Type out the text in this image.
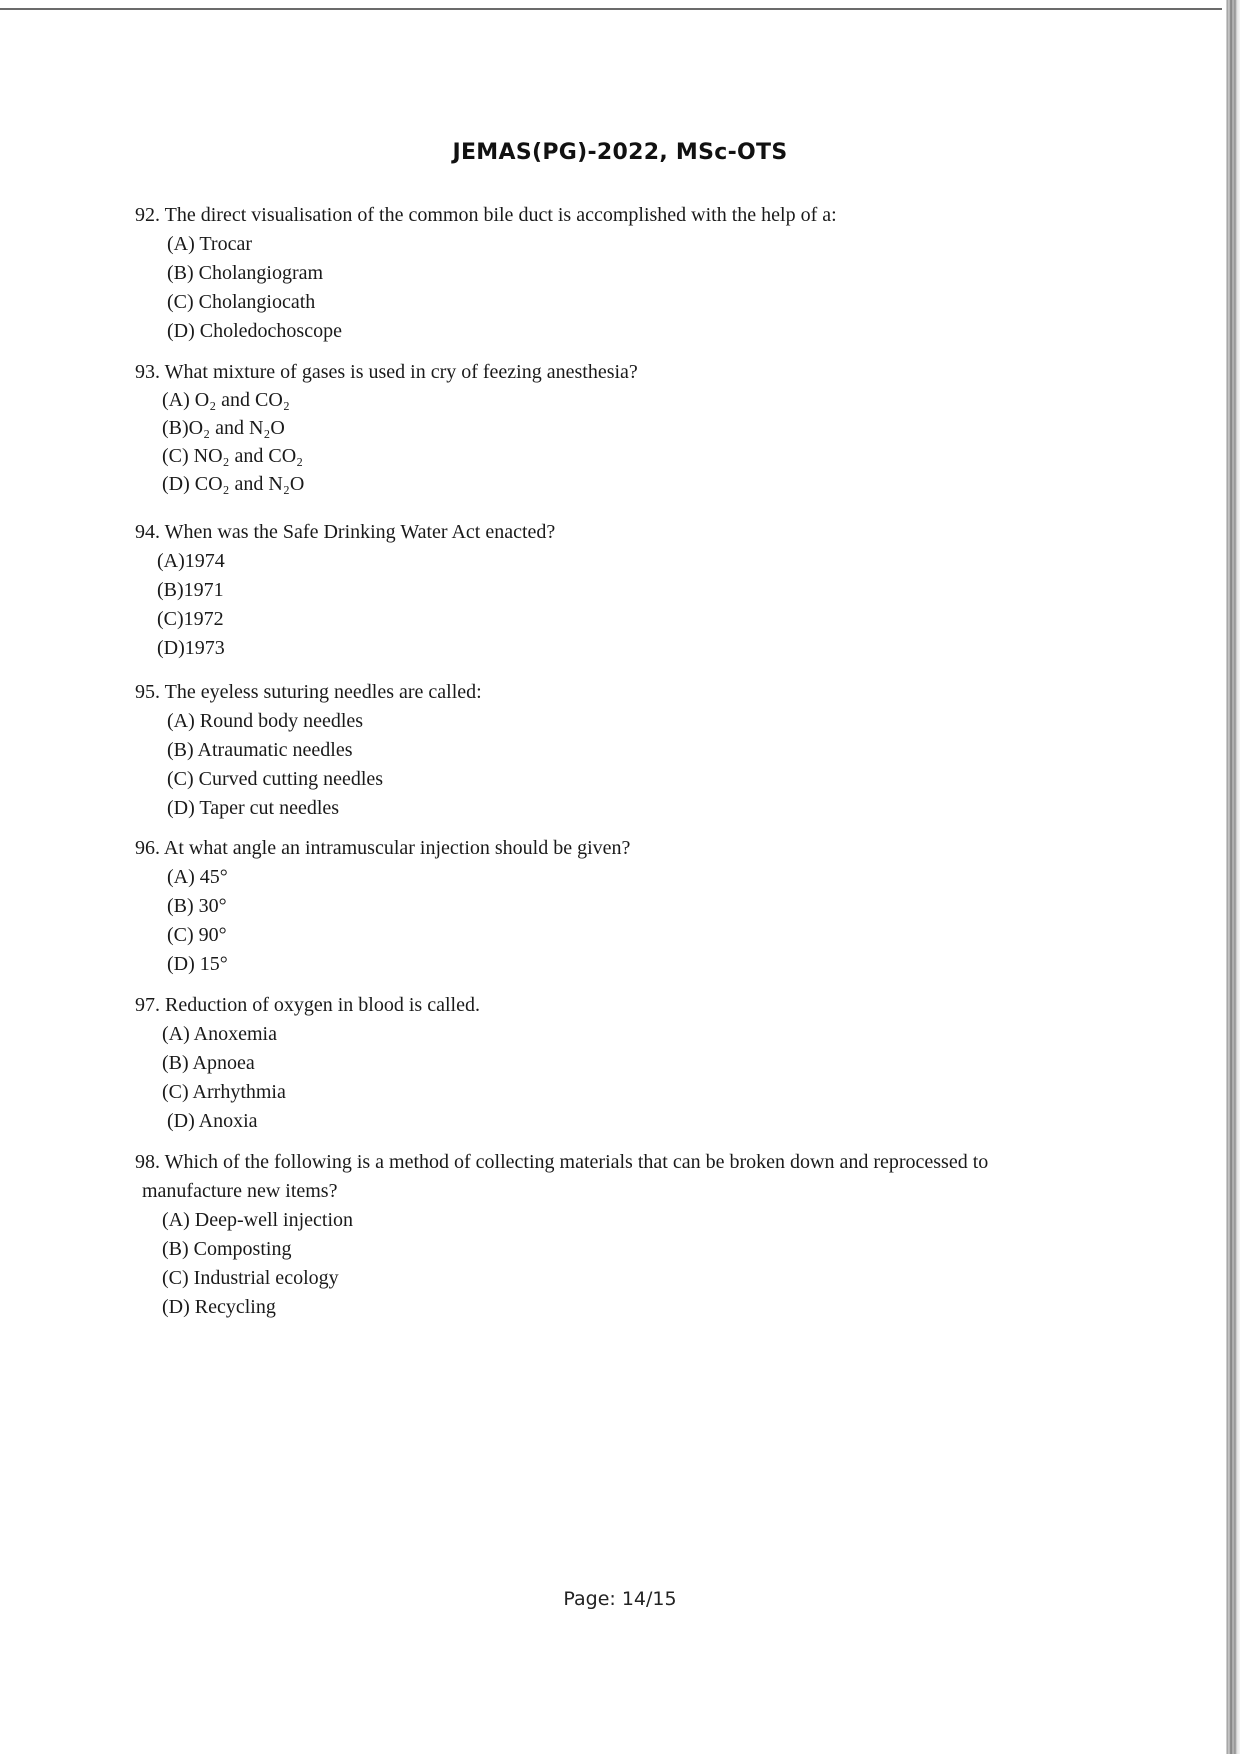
JEMAS(PG)-2022, MSc-OTS

92. The direct visualisation of the common bile duct is accomplished with the help of a:

(A) Trocar
(B) Cholangiogram
(C) Cholangiocath
(D) Choledochoscope

93. What mixture of gases is used in cry of feezing anesthesia?

(A) O₂ and CO₂
(B)O₂ and N₂O
(C) NO₂ and CO₂
(D) CO₂ and N₂O

94. When was the Safe Drinking Water Act enacted?

(A)1974
(B)1971
(C)1972
(D)1973

95. The eyeless suturing needles are called:

(A) Round body needles
(B) Atraumatic needles
(C) Curved cutting needles
(D) Taper cut needles

96. At what angle an intramuscular injection should be given?

(A) 45°
(B) 30°
(C) 90°
(D) 15°

97. Reduction of oxygen in blood is called.

(A) Anoxemia
(B) Apnoea
(C) Arrhythmia
(D) Anoxia

98. Which of the following is a method of collecting materials that can be broken down and reprocessed to manufacture new items?

(A) Deep-well injection
(B) Composting
(C) Industrial ecology
(D) Recycling
Page: 14/15
